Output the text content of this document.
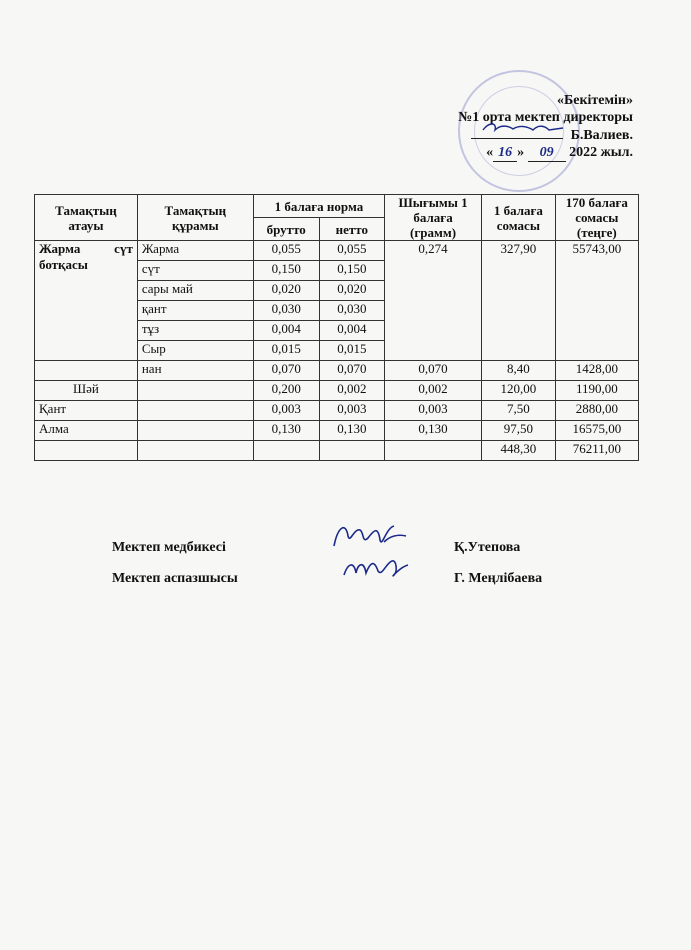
«Бекітемін»
№1 орта мектеп директоры
Б.Валиев.
« 16 » 09 2022 жыл.
Тамақтың атауы	Тамақтың құрамы	1 балаға норма		Шығымы 1 балаға (грамм)	1 балаға сомасы	170 балаға сомасы (теңге)
		брутто	нетто			
Жарма сүт ботқасы	Жарма	0,055	0,055	0,274	327,90	55743,00
	сүт	0,150	0,150			
	сары май	0,020	0,020			
	қант	0,030	0,030			
	тұз	0,004	0,004			
	Сыр	0,015	0,015			
	нан	0,070	0,070	0,070	8,40	1428,00
Шәй		0,200	0,002	0,002	120,00	1190,00
Қант		0,003	0,003	0,003	7,50	2880,00
Алма		0,130	0,130	0,130	97,50	16575,00
					448,30	76211,00
Мектеп медбикесі	Қ.Утепова
Мектеп аспазшысы	Г. Меңлібаева
